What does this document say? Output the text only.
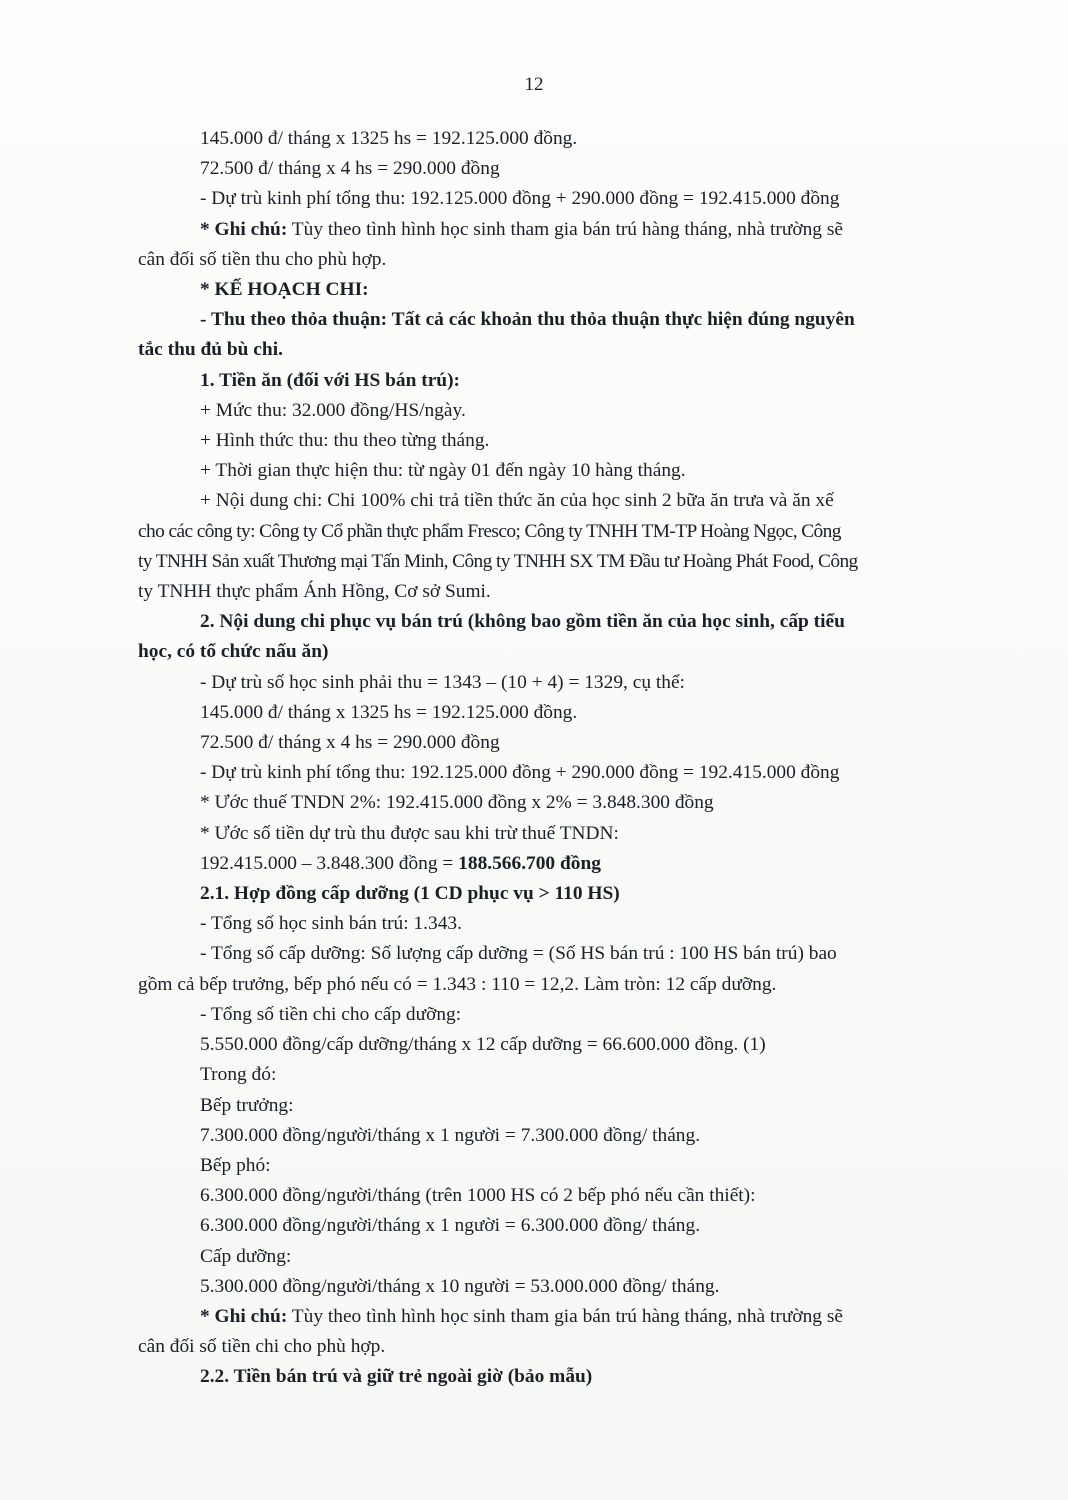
12
145.000 đ/ tháng x 1325 hs = 192.125.000 đồng.
72.500 đ/ tháng x 4 hs = 290.000 đồng
- Dự trù kinh phí tổng thu: 192.125.000 đồng + 290.000 đồng = 192.415.000 đồng
* Ghi chú: Tùy theo tình hình học sinh tham gia bán trú hàng tháng, nhà trường sẽ
cân đối số tiền thu cho phù hợp.
* KẾ HOẠCH CHI:
- Thu theo thỏa thuận: Tất cả các khoản thu thỏa thuận thực hiện đúng nguyên
tắc thu đủ bù chi.
1. Tiền ăn (đối với HS bán trú):
+ Mức thu: 32.000 đồng/HS/ngày.
+ Hình thức thu: thu theo từng tháng.
+ Thời gian thực hiện thu: từ ngày 01 đến ngày 10 hàng tháng.
+ Nội dung chi: Chi 100% chi trả tiền thức ăn của học sinh 2 bữa ăn trưa và ăn xế
cho các công ty: Công ty Cổ phần thực phẩm Fresco; Công ty TNHH TM-TP Hoàng Ngọc, Công
ty TNHH Sản xuất Thương mại Tấn Minh, Công ty TNHH SX TM Đầu tư Hoàng Phát Food, Công
ty TNHH thực phẩm Ánh Hồng, Cơ sở Sumi.
2. Nội dung chi phục vụ bán trú (không bao gồm tiền ăn của học sinh, cấp tiểu
học, có tổ chức nấu ăn)
- Dự trù số học sinh phải thu = 1343 – (10 + 4) = 1329, cụ thể:
145.000 đ/ tháng x 1325 hs = 192.125.000 đồng.
72.500 đ/ tháng x 4 hs = 290.000 đồng
- Dự trù kinh phí tổng thu: 192.125.000 đồng + 290.000 đồng = 192.415.000 đồng
* Ước thuế TNDN 2%: 192.415.000 đồng x 2% = 3.848.300 đồng
* Ước số tiền dự trù thu được sau khi trừ thuế TNDN:
192.415.000 – 3.848.300 đồng = 188.566.700 đồng
2.1. Hợp đồng cấp dưỡng (1 CD phục vụ > 110 HS)
- Tổng số học sinh bán trú: 1.343.
- Tổng số cấp dưỡng: Số lượng cấp dưỡng = (Số HS bán trú : 100 HS bán trú) bao
gồm cả bếp trưởng, bếp phó nếu có = 1.343 : 110 = 12,2. Làm tròn: 12 cấp dưỡng.
- Tổng số tiền chi cho cấp dưỡng:
5.550.000 đồng/cấp dưỡng/tháng x 12 cấp dưỡng = 66.600.000 đồng. (1)
Trong đó:
Bếp trưởng:
7.300.000 đồng/người/tháng x 1 người = 7.300.000 đồng/ tháng.
Bếp phó:
6.300.000 đồng/người/tháng (trên 1000 HS có 2 bếp phó nếu cần thiết):
6.300.000 đồng/người/tháng x 1 người = 6.300.000 đồng/ tháng.
Cấp dưỡng:
5.300.000 đồng/người/tháng x 10 người = 53.000.000 đồng/ tháng.
* Ghi chú: Tùy theo tình hình học sinh tham gia bán trú hàng tháng, nhà trường sẽ
cân đối số tiền chi cho phù hợp.
2.2. Tiền bán trú và giữ trẻ ngoài giờ (bảo mẫu)
